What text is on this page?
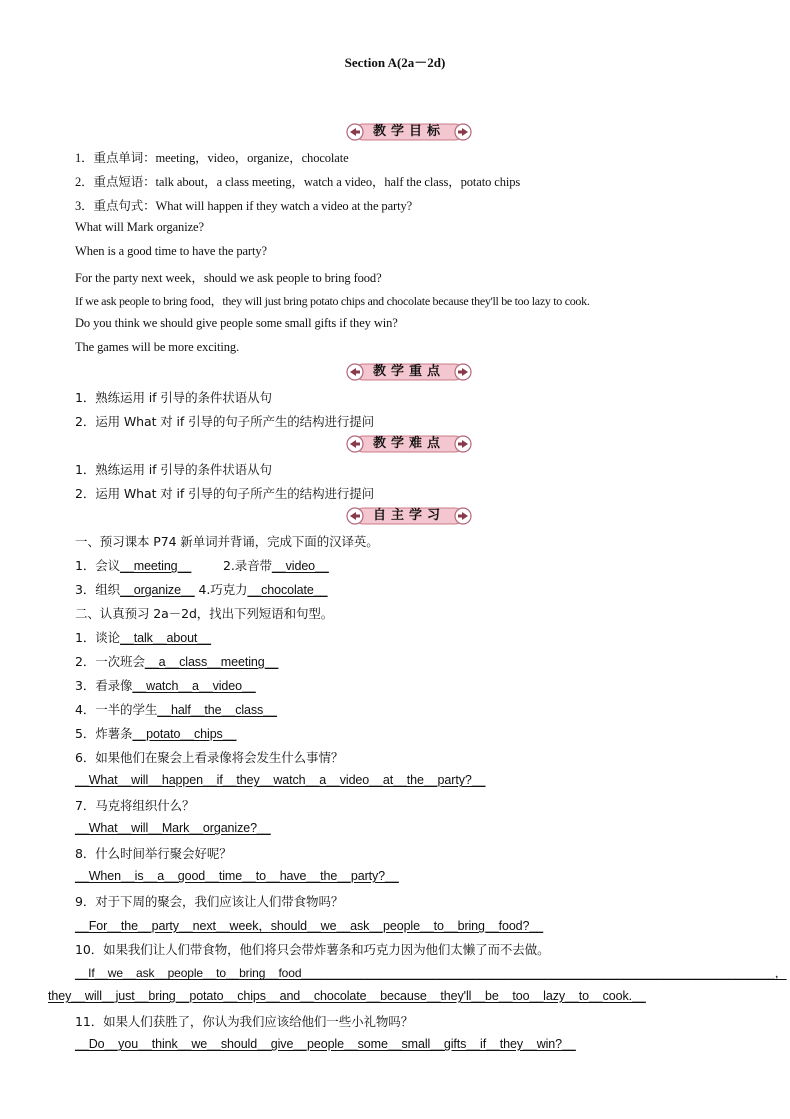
Section A(2a－2d)
教学目标
1．重点单词：meeting，video，organize，chocolate
2．重点短语：talk about，a class meeting，watch a video，half the class，potato chips
3．重点句式：What will happen if they watch a video at the party?
What will Mark organize?
When is a good time to have the party?
For the party next week，should we ask people to bring food?
If we ask people to bring food，they will just bring potato chips and chocolate because they'll be too lazy to cook.
Do you think we should give people some small gifts if they win?
The games will be more exciting.
教学重点
1．熟练运用 if 引导的条件状语从句
2．运用 What 对 if 引导的句子所产生的结构进行提问
教学难点
1．熟练运用 if 引导的条件状语从句
2．运用 What 对 if 引导的句子所产生的结构进行提问
自主学习
一、预习课本 P74 新单词并背诵，完成下面的汉译英。
1．会议__meeting__	2.录音带__video__
3．组织__organize__ 4.巧克力__chocolate__
二、认真预习 2a－2d，找出下列短语和句型。
1．谈论__talk__about__
2．一次班会__a__class__meeting__
3．看录像__watch__a__video__
4．一半的学生__half__the__class__
5．炸薯条__potato__chips__
6．如果他们在聚会上看录像将会发生什么事情？
__What__will__happen__if__they__watch__a__video__at__the__party?__
7．马克将组织什么？
__What__will__Mark__organize?__
8．什么时间举行聚会好呢？
__When__is__a__good__time__to__have__the__party?__
9．对于下周的聚会，我们应该让人们带食物吗？
__For__the__party__next__week，should__we__ask__people__to__bring__food?__
10．如果我们让人们带食物，他们将只会带炸薯条和巧克力因为他们太懒了而不去做。
__If__we__ask__people__to__bring__food________________________________________________________________________，
they__will__just__bring__potato__chips__and__chocolate__because__they'll__be__too__lazy__to__cook.__
11．如果人们获胜了，你认为我们应该给他们一些小礼物吗？
__Do__you__think__we__should__give__people__some__small__gifts__if__they__win?__
